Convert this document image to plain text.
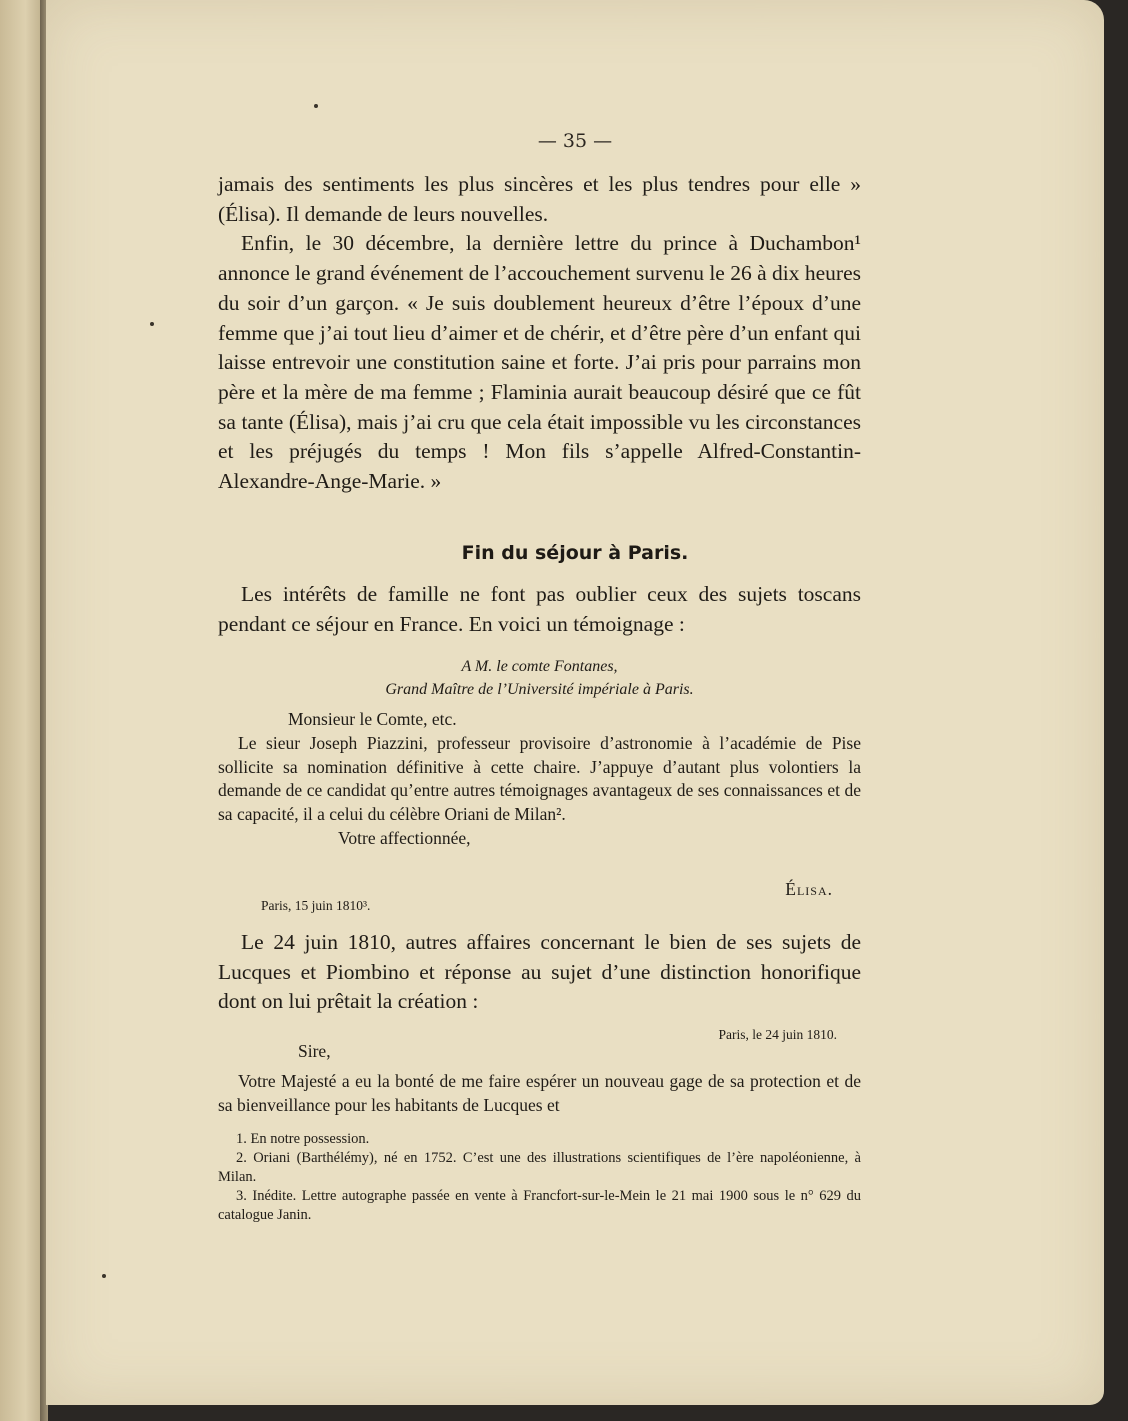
— 35 —

jamais des sentiments les plus sincères et les plus tendres pour elle » (Élisa). Il demande de leurs nouvelles.

Enfin, le 30 décembre, la dernière lettre du prince à Duchambon¹ annonce le grand événement de l’accouchement survenu le 26 à dix heures du soir d’un garçon. « Je suis doublement heureux d’être l’époux d’une femme que j’ai tout lieu d’aimer et de chérir, et d’être père d’un enfant qui laisse entrevoir une constitution saine et forte. J’ai pris pour parrains mon père et la mère de ma femme ; Flaminia aurait beaucoup désiré que ce fût sa tante (Élisa), mais j’ai cru que cela était impossible vu les circonstances et les préjugés du temps ! Mon fils s’appelle Alfred-Constantin-Alexandre-Ange-Marie. »

Fin du séjour à Paris.

Les intérêts de famille ne font pas oublier ceux des sujets toscans pendant ce séjour en France. En voici un témoignage :

A M. le comte Fontanes,
Grand Maître de l’Université impériale à Paris.

Monsieur le Comte, etc.

Le sieur Joseph Piazzini, professeur provisoire d’astronomie à l’académie de Pise sollicite sa nomination définitive à cette chaire. J’appuye d’autant plus volontiers la demande de ce candidat qu’entre autres témoignages avantageux de ses connaissances et de sa capacité, il a celui du célèbre Oriani de Milan².

Votre affectionnée,

Élisa.
Paris, 15 juin 1810³.

Le 24 juin 1810, autres affaires concernant le bien de ses sujets de Lucques et Piombino et réponse au sujet d’une distinction honorifique dont on lui prêtait la création :

Paris, le 24 juin 1810.

Sire,

Votre Majesté a eu la bonté de me faire espérer un nouveau gage de sa protection et de sa bienveillance pour les habitants de Lucques et

1. En notre possession.

2. Oriani (Barthélémy), né en 1752. C’est une des illustrations scientifiques de l’ère napoléonienne, à Milan.

3. Inédite. Lettre autographe passée en vente à Francfort-sur-le-Mein le 21 mai 1900 sous le n° 629 du catalogue Janin.
